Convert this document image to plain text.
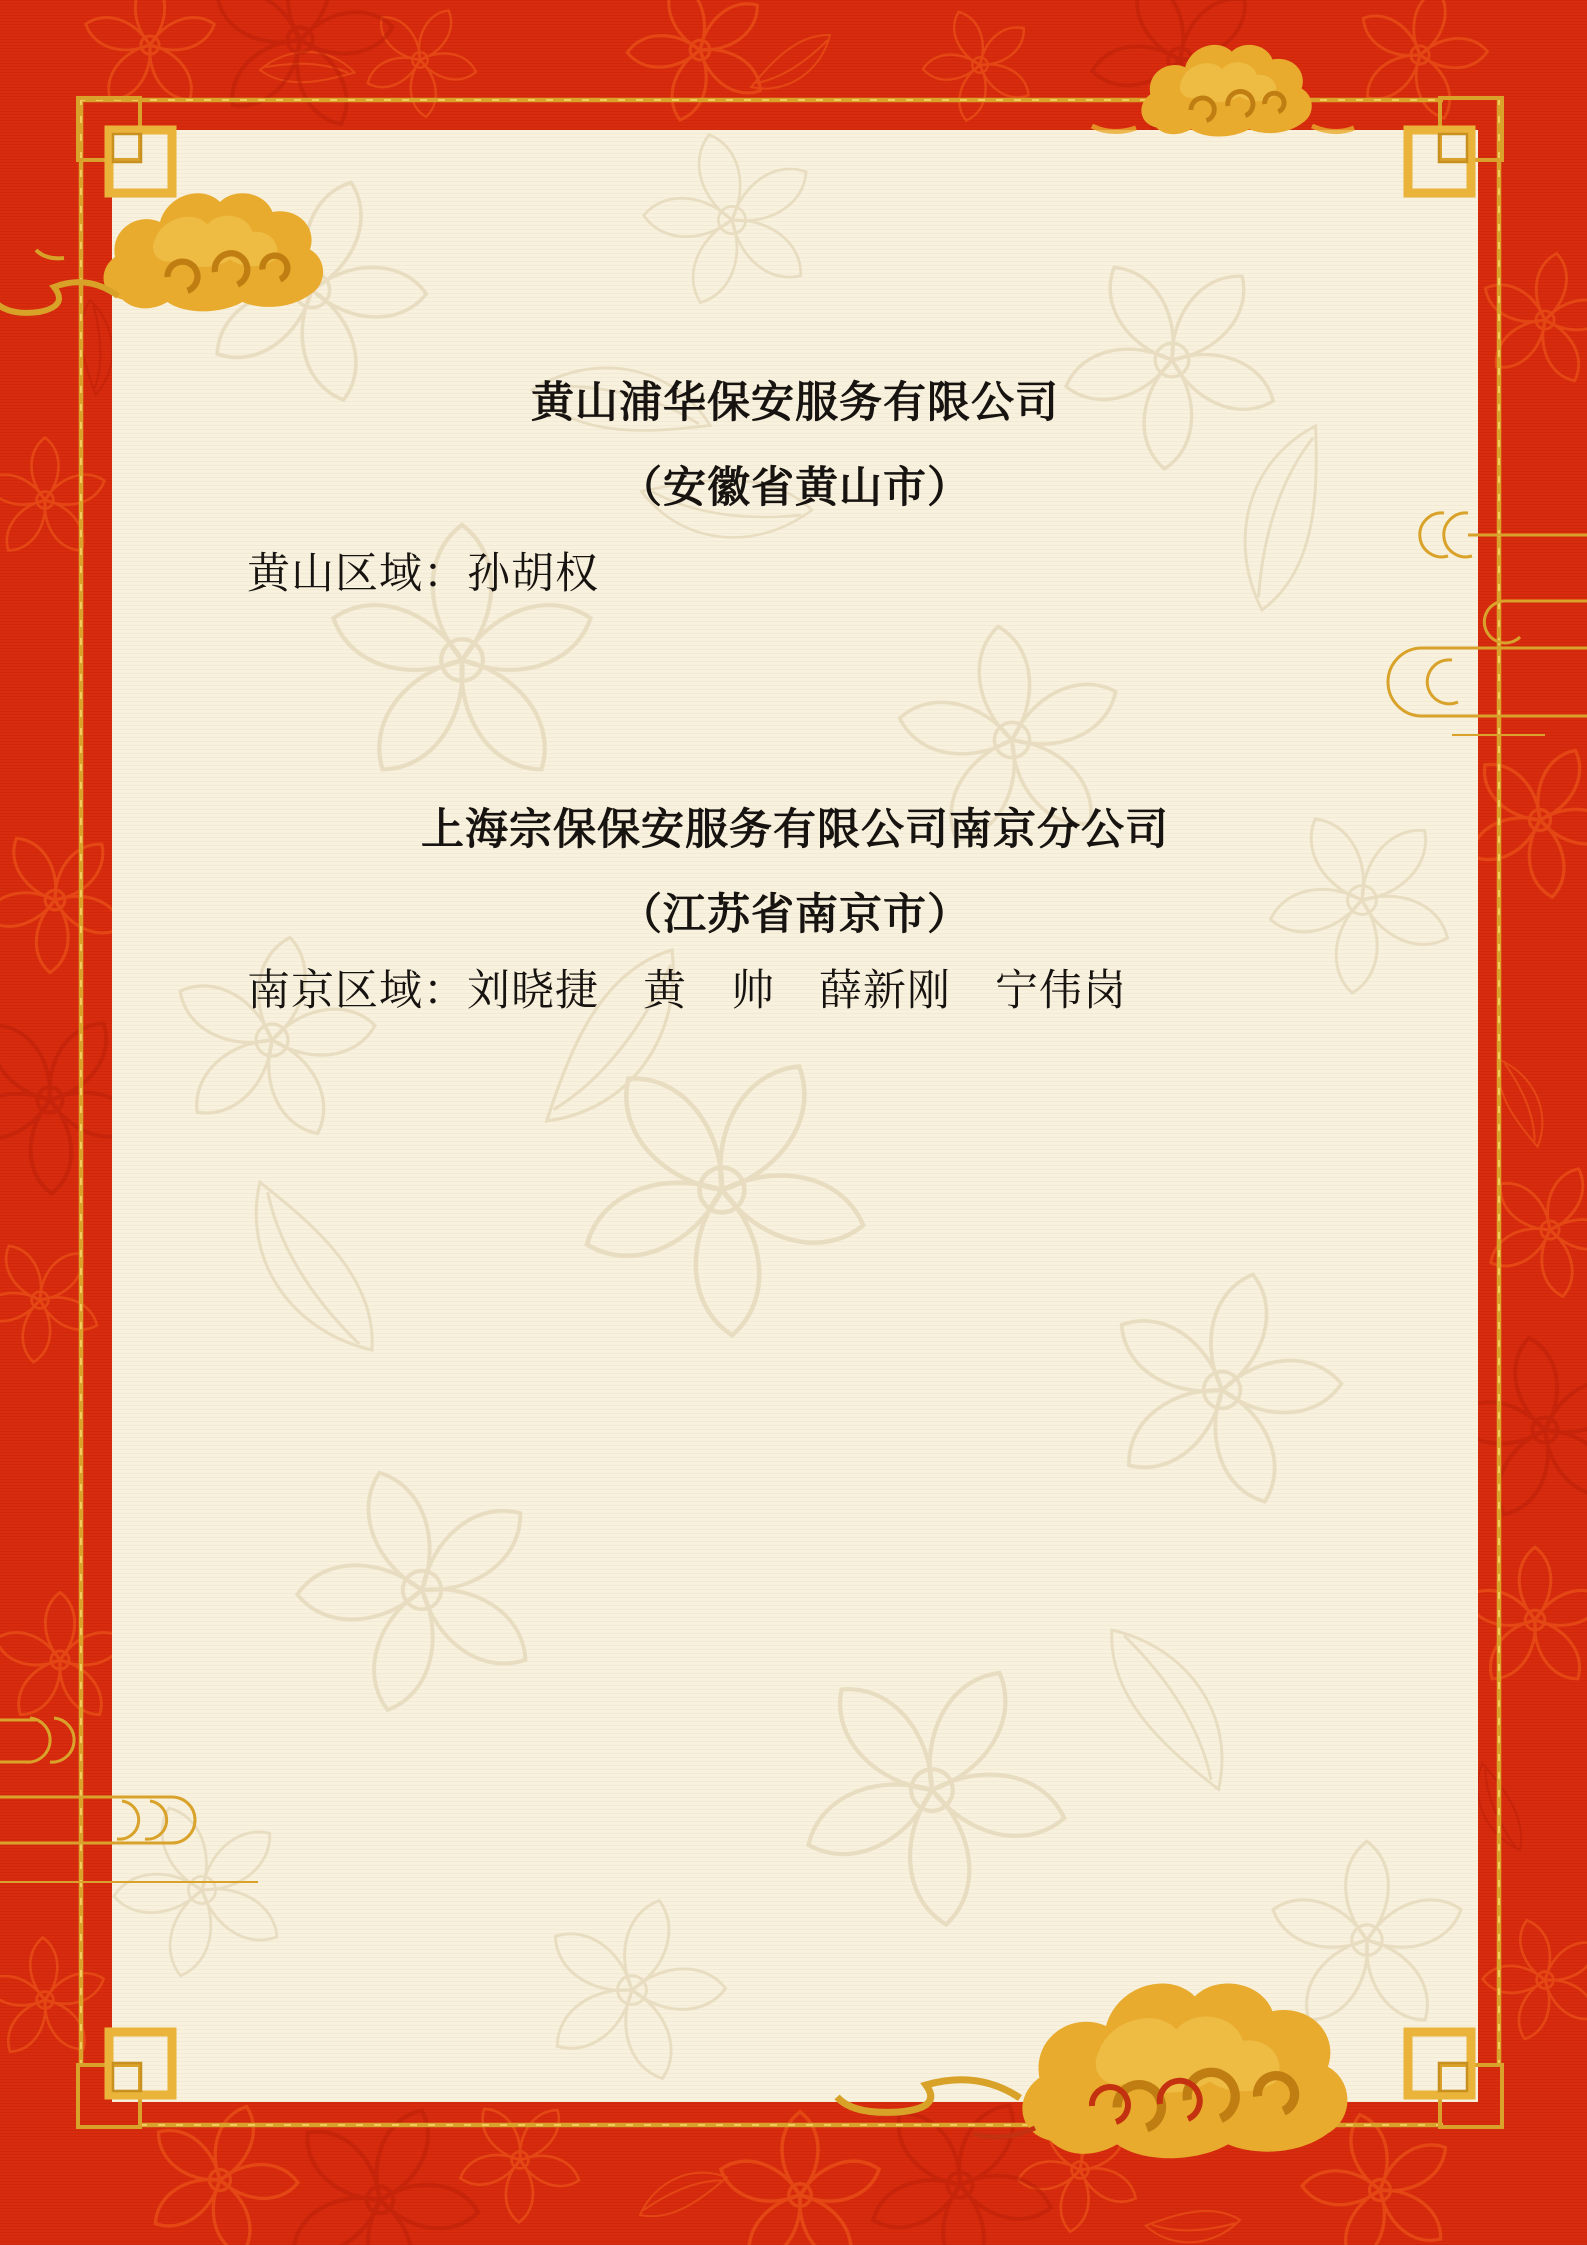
黄山浦华保安服务有限公司
（安徽省黄山市）
黄山区域：孙胡权
上海宗保保安服务有限公司南京分公司
（江苏省南京市）
南京区域：刘晓捷　黄　帅　薛新刚　宁伟岗
